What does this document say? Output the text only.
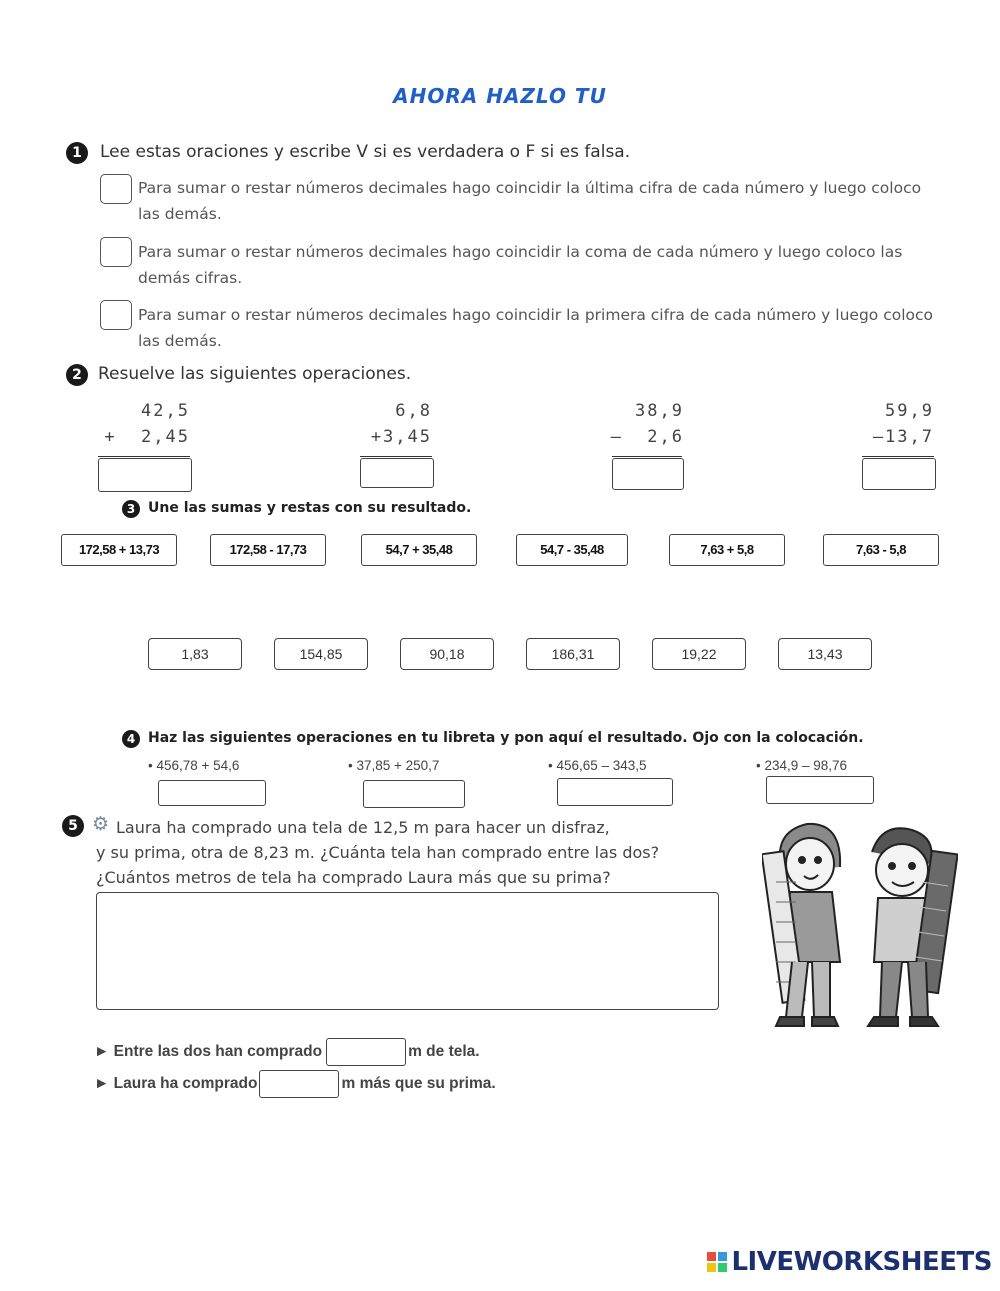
AHORA HAZLO TU
1	Lee estas oraciones y escribe V si es verdadera o F si es falsa.
Para sumar o restar números decimales hago coincidir la última cifra de cada número y luego coloco las demás.
Para sumar o restar números decimales hago coincidir la coma de cada número y luego coloco las demás cifras.
Para sumar o restar números decimales hago coincidir la primera cifra de cada número y luego coloco las demás.
2 Resuelve las siguientes operaciones.
42,5
+  2,45
6,8
+3,45
38,9
–  2,6
59,9
–13,7
3 Une las sumas y restas con su resultado.
172,58 + 13,73	172,58 - 17,73	54,7 + 35,48	54,7 - 35,48	7,63 + 5,8	7,63 - 5,8
1,83	154,85	90,18	186,31	19,22	13,43
4 Haz las siguientes operaciones en tu libreta y pon aquí el resultado. Ojo con la colocación.
• 456,78 + 54,6	• 37,85 + 250,7	• 456,65 – 343,5	• 234,9 – 98,76
5 ⚙ Laura ha comprado una tela de 12,5 m para hacer un disfraz,
y su prima, otra de 8,23 m. ¿Cuánta tela han comprado entre las dos?
¿Cuántos metros de tela ha comprado Laura más que su prima?
► Entre las dos han comprado	m de tela.
► Laura ha comprado	m más que su prima.
LIVEWORKSHEETS
